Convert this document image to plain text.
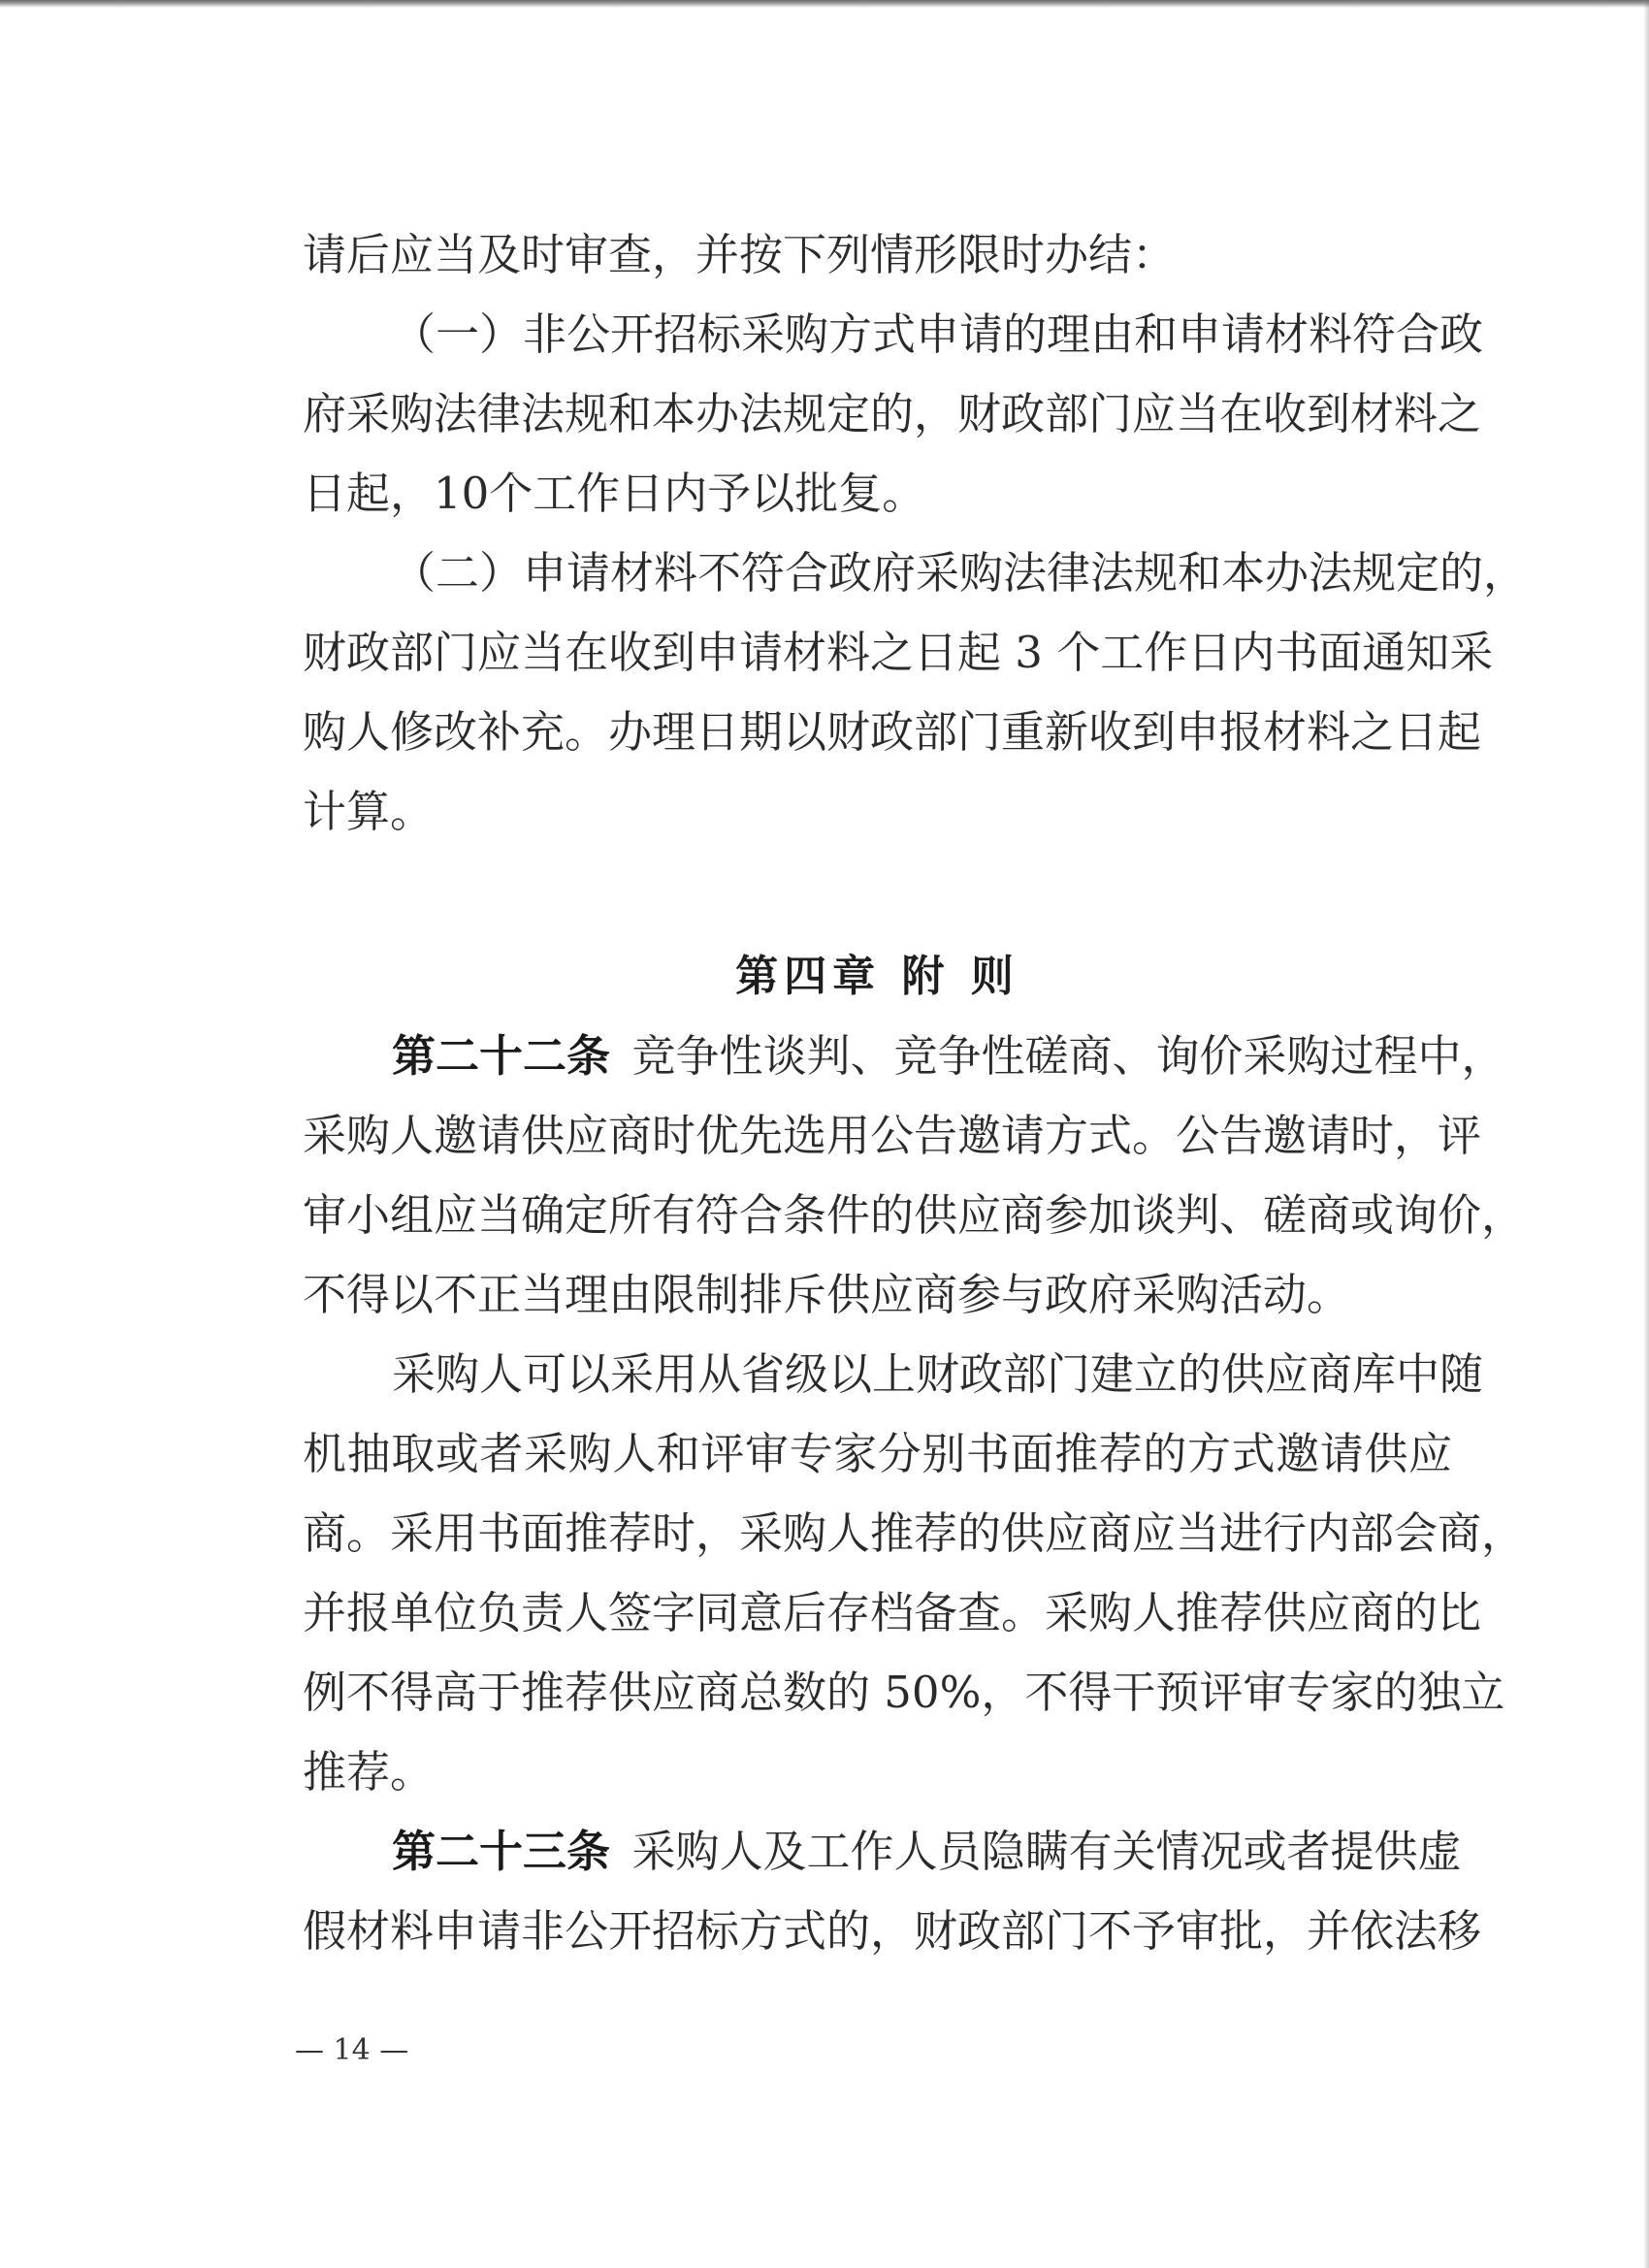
请后应当及时审查，并按下列情形限时办结：
（一）非公开招标采购方式申请的理由和申请材料符合政
府采购法律法规和本办法规定的，财政部门应当在收到材料之
日起，10个工作日内予以批复。
（二）申请材料不符合政府采购法律法规和本办法规定的，
财政部门应当在收到申请材料之日起 3 个工作日内书面通知采
购人修改补充。办理日期以财政部门重新收到申报材料之日起
计算。
第四章 附 则
第二十二条  竞争性谈判、竞争性磋商、询价采购过程中，
采购人邀请供应商时优先选用公告邀请方式。公告邀请时，评
审小组应当确定所有符合条件的供应商参加谈判、磋商或询价，
不得以不正当理由限制排斥供应商参与政府采购活动。
采购人可以采用从省级以上财政部门建立的供应商库中随
机抽取或者采购人和评审专家分别书面推荐的方式邀请供应
商。采用书面推荐时，采购人推荐的供应商应当进行内部会商，
并报单位负责人签字同意后存档备查。采购人推荐供应商的比
例不得高于推荐供应商总数的 50%，不得干预评审专家的独立
推荐。
第二十三条  采购人及工作人员隐瞒有关情况或者提供虚
假材料申请非公开招标方式的，财政部门不予审批，并依法移
— 14 —
